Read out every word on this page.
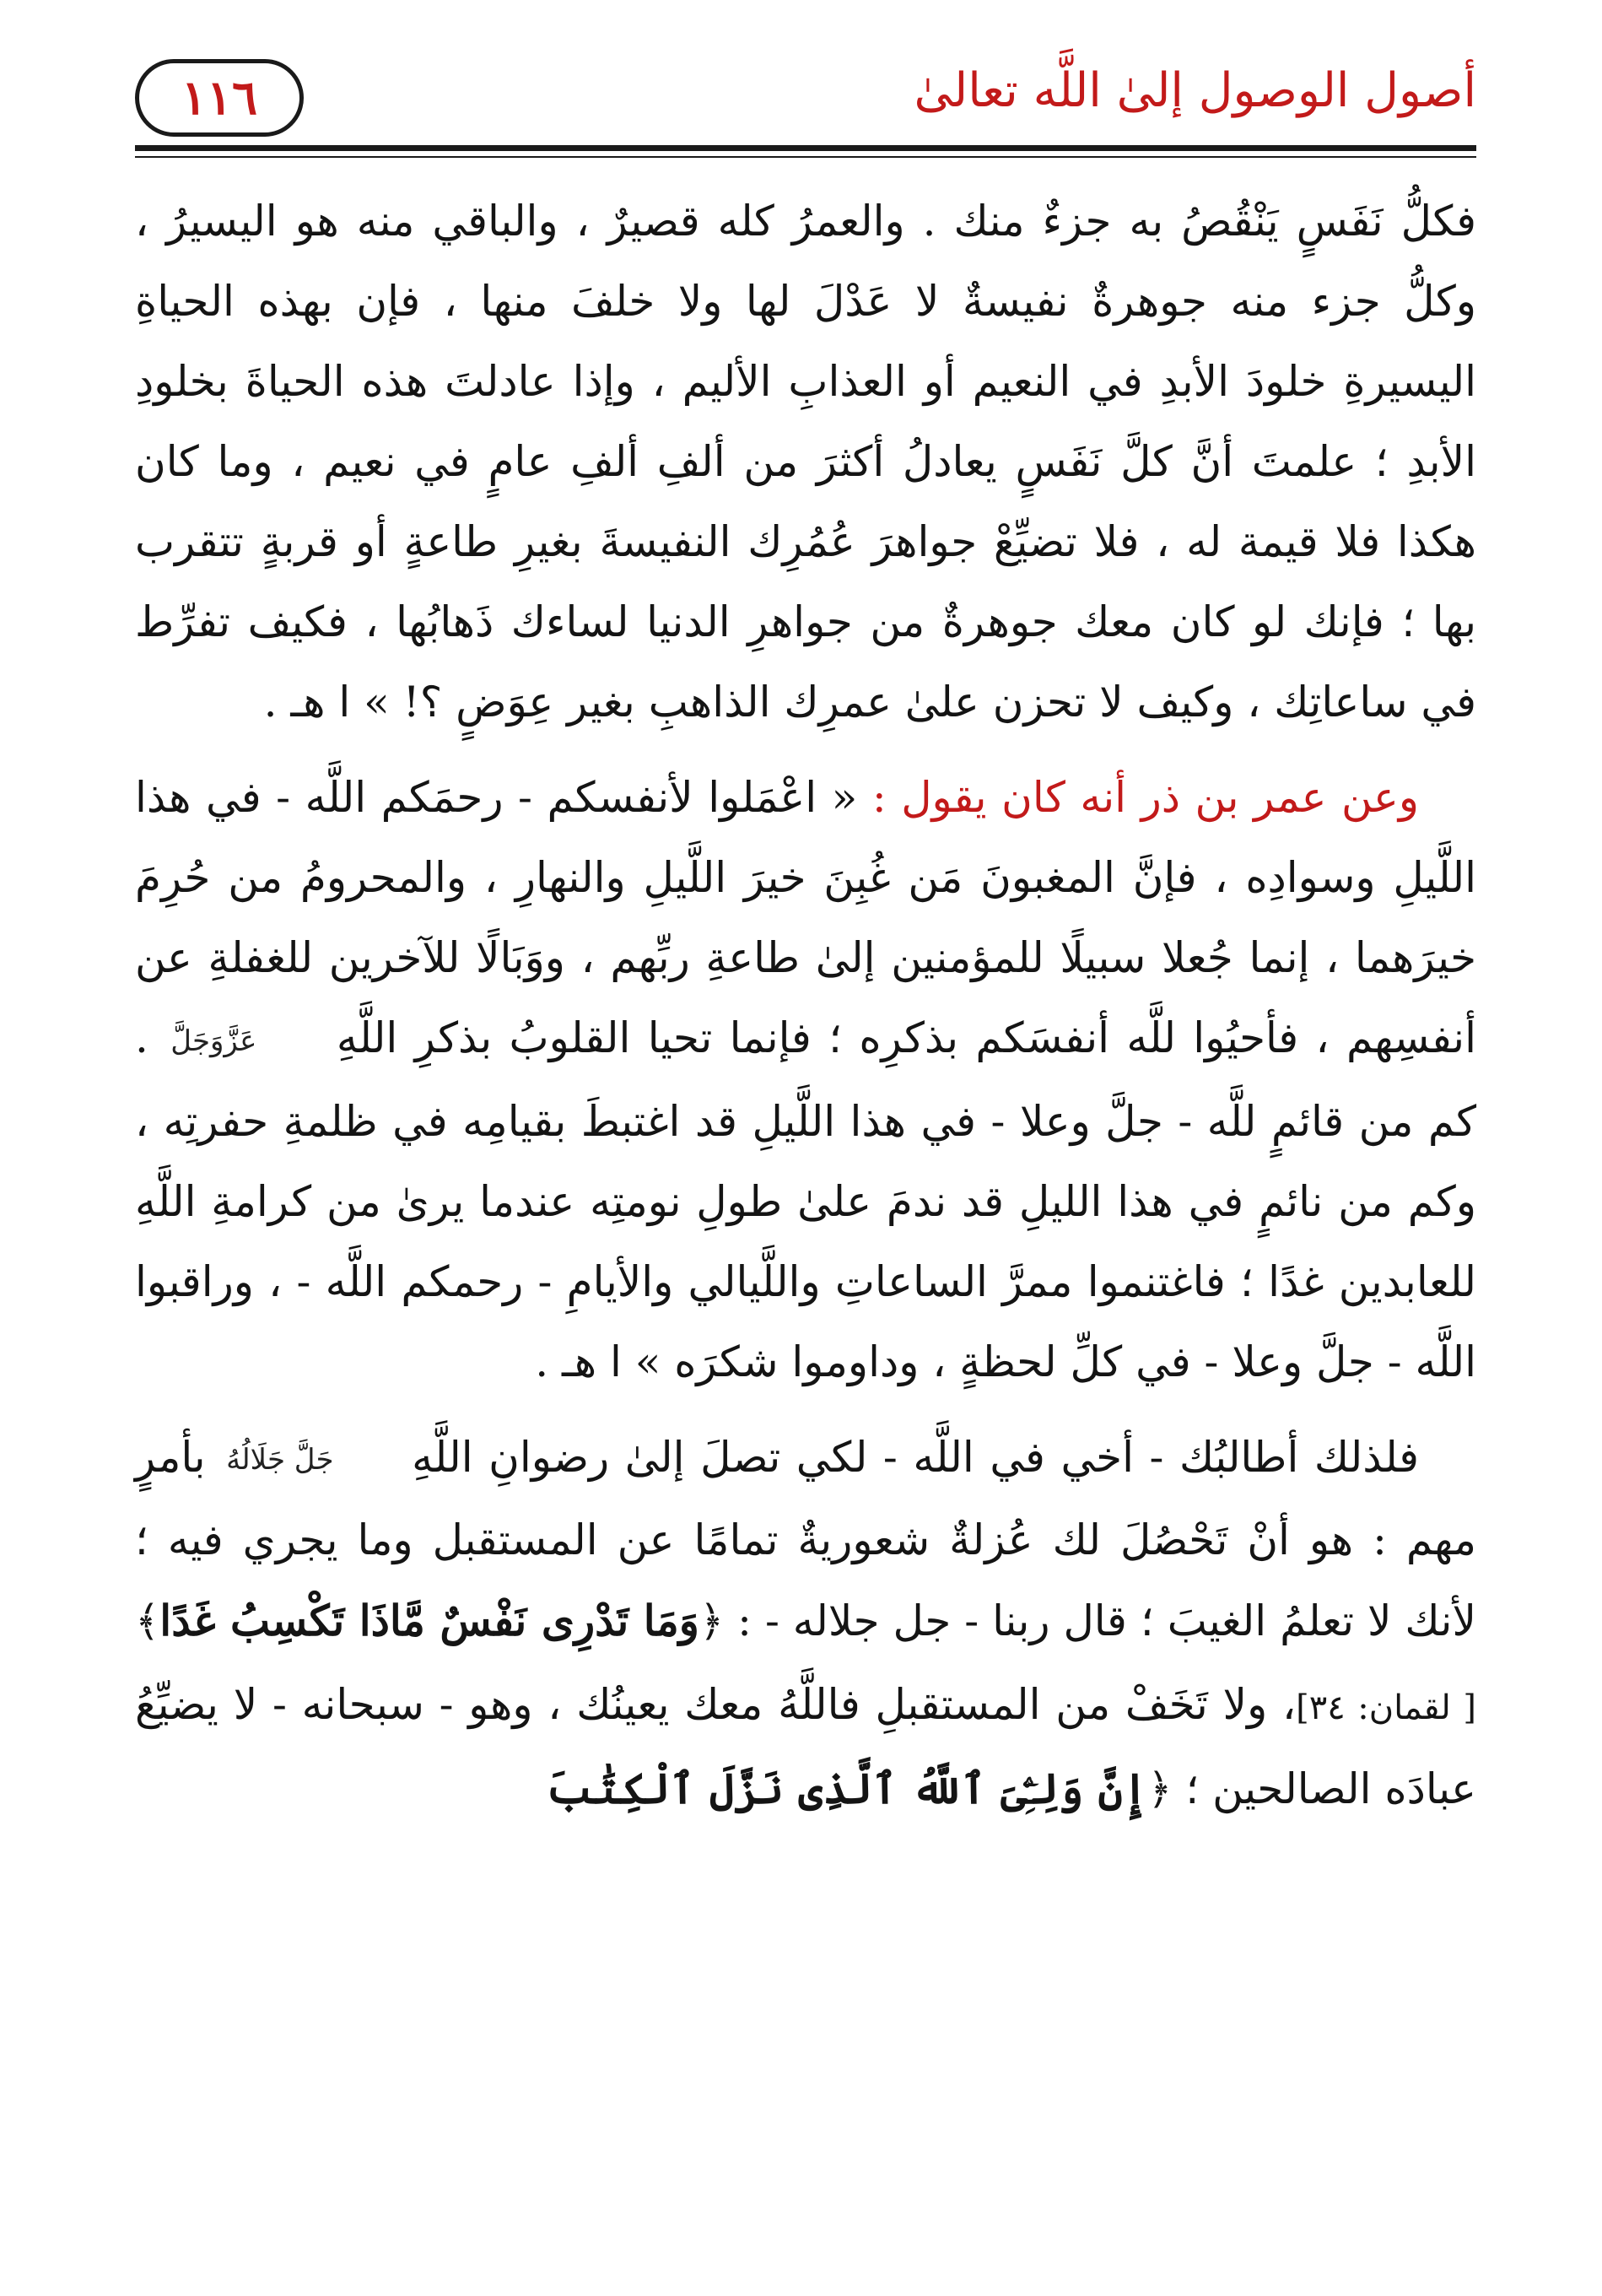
١١٦	أصول الوصول إلىٰ اللَّه تعالىٰ

فكلُّ نَفَسٍ يَنْقُصُ به جزءٌ منك . والعمرُ كله قصيرٌ ، والباقي منه هو اليسيرُ ، وكلُّ جزء منه جوهرةٌ نفيسةٌ لا عَدْلَ لها ولا خلفَ منها ، فإن بهذه الحياةِ اليسيرةِ خلودَ الأبدِ في النعيم أو العذابِ الأليم ، وإذا عادلتَ هذه الحياةَ بخلودِ الأبدِ ؛ علمتَ أنَّ كلَّ نَفَسٍ يعادلُ أكثرَ من ألفِ ألفِ عامٍ في نعيم ، وما كان هكذا فلا قيمة له ، فلا تضيِّعْ جواهرَ عُمُرِك النفيسةَ بغيرِ طاعةٍ أو قربةٍ تتقرب بها ؛ فإنك لو كان معك جوهرةٌ من جواهرِ الدنيا لساءك ذَهابُها ، فكيف تفرِّط في ساعاتِك ، وكيف لا تحزن علىٰ عمرِك الذاهبِ بغير عِوَضٍ ؟! » ا هـ .

وعن عمر بن ذر أنه كان يقول : « اعْمَلوا لأنفسكم - رحمَكم اللَّه - في هذا اللَّيلِ وسوادِه ، فإنَّ المغبونَ مَن غُبِنَ خيرَ اللَّيلِ والنهارِ ، والمحرومُ من حُرِمَ خيرَهما ، إنما جُعلا سبيلًا للمؤمنين إلىٰ طاعةِ ربِّهم ، ووَبَالًا للآخرين للغفلةِ عن أنفسِهم ، فأحيُوا للَّه أنفسَكم بذكرِه ؛ فإنما تحيا القلوبُ بذكرِ اللَّهِ عَزَّوَجَلَّ . كم من قائمٍ للَّه - جلَّ وعلا - في هذا اللَّيلِ قد اغتبطَ بقيامِه في ظلمةِ حفرتِه ، وكم من نائمٍ في هذا الليلِ قد ندمَ علىٰ طولِ نومتِه عندما يرىٰ من كرامةِ اللَّهِ للعابدين غدًا ؛ فاغتنموا ممرَّ الساعاتِ واللَّيالي والأيامِ - رحمكم اللَّه - ، وراقبوا اللَّه - جلَّ وعلا - في كلِّ لحظةٍ ، وداوموا شكرَه » ا هـ .

فلذلك أطالبُك - أخي في اللَّه - لكي تصلَ إلىٰ رضوانِ اللَّهِ جَلَّ جَلَالُهُ بأمرٍ مهم : هو أنْ تَحْصُلَ لك عُزلةٌ شعوريةٌ تمامًا عن المستقبل وما يجري فيه ؛ لأنك لا تعلمُ الغيبَ ؛ قال ربنا - جل جلاله - : ﴿وَمَا تَدْرِى نَفْسٌ مَّاذَا تَكْسِبُ غَدًا﴾ [ لقمان: ٣٤]، ولا تَخَفْ من المستقبلِ فاللَّهُ معك يعينُك ، وهو - سبحانه - لا يضيِّعُ عبادَه الصالحين ؛ ﴿إِنَّ وَلِـِّۧىَ ٱللَّهُ ٱلَّذِى نَزَّلَ ٱلْكِتَٰبَ
